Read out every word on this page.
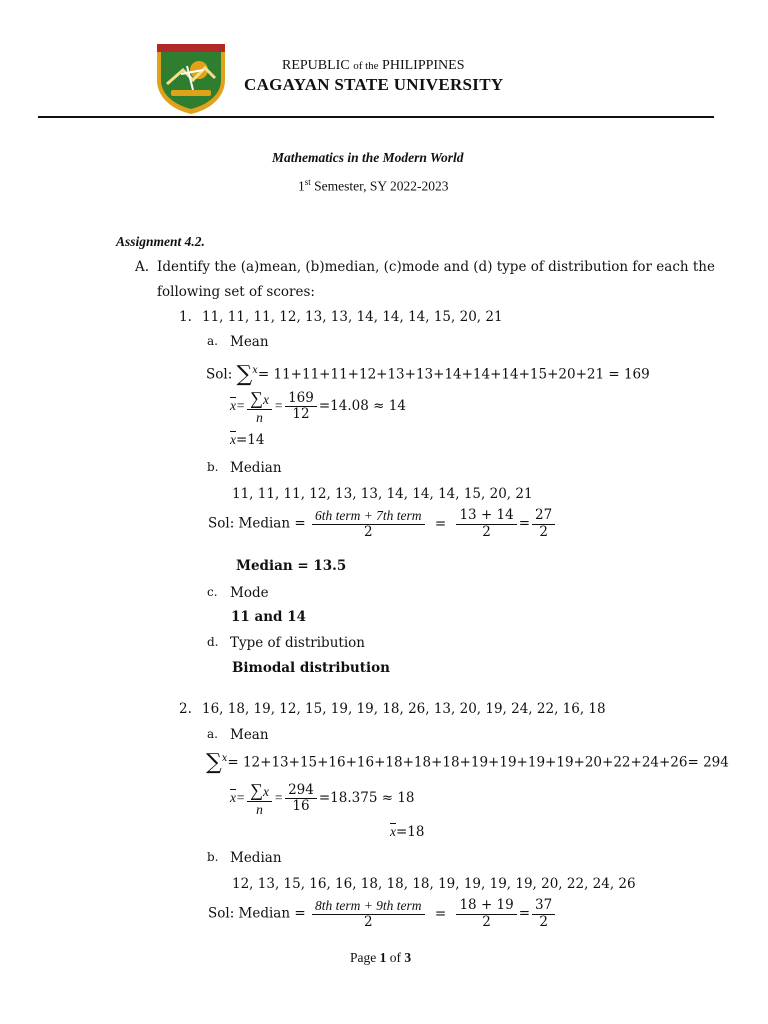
REPUBLIC of the PHILIPPINES
CAGAYAN STATE UNIVERSITY
Mathematics in the Modern World
1st Semester, SY 2022-2023
Assignment 4.2.
A. Identify the (a)mean, (b)median, (c)mode and (d) type of distribution for each the
following set of scores:
1. 11, 11, 11, 12, 13, 13, 14, 14, 14, 15, 20, 21
a. Mean
Sol: ∑$^x$= 11+11+11+12+13+13+14+14+14+15+20+21 = 169
$\overline{x}= \frac{\sum x}{n} = \frac{169}{12} =14.08 \approx 14$
$\overline{x}=14$
b. Median
11, 11, 11, 12, 13, 13, 14, 14, 14, 15, 20, 21
Sol: Median = $\frac{\text{6th term + 7th term}}{2} = \frac{13 + 14}{2} = \frac{27}{2}$
Median = 13.5
c. Mode
11 and 14
d. Type of distribution
Bimodal distribution
2. 16, 18, 19, 12, 15, 19, 19, 18, 26, 13, 20, 19, 24, 22, 16, 18
a. Mean
∑$^x$= 12+13+15+16+16+18+18+18+19+19+19+19+20+22+24+26= 294
$\overline{x}= \frac{\sum x}{n} = \frac{294}{16} =18.375 \approx 18$
$\overline{x}=18$
b. Median
12, 13, 15, 16, 16, 18, 18, 18, 19, 19, 19, 19, 20, 22, 24, 26
Sol: Median = $\frac{\text{8th term + 9th term}}{2} = \frac{18 + 19}{2} = \frac{37}{2}$
Page 1 of 3
